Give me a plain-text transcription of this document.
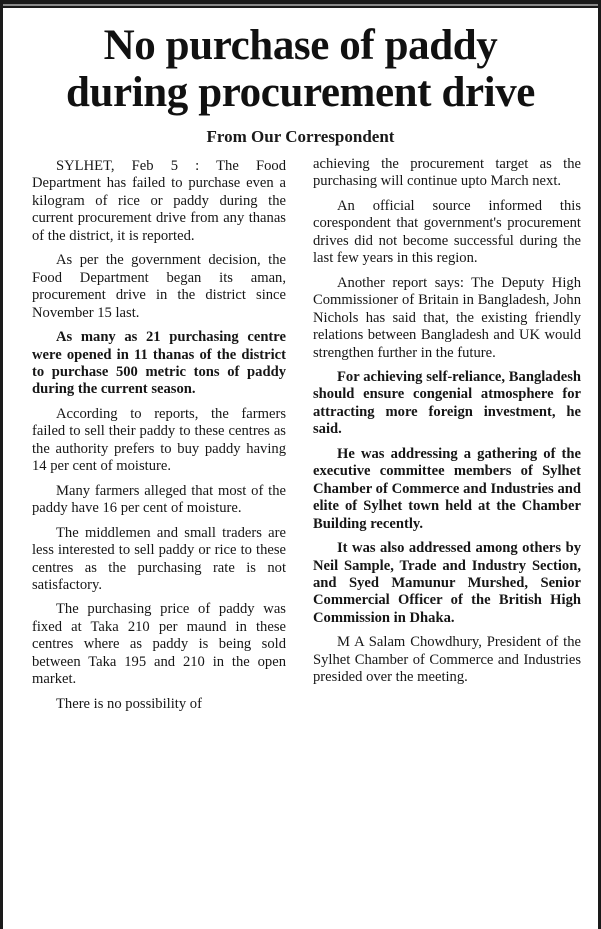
No purchase of paddy
during procurement drive
From Our Correspondent

SYLHET, Feb 5 : The Food Department has failed to purchase even a kilogram of rice or paddy during the current procurement drive from any thanas of the district, it is reported.

As per the government decision, the Food Department began its aman, procurement drive in the district since November 15 last.

As many as 21 purchasing centre were opened in 11 thanas of the district to purchase 500 metric tons of paddy during the current season.

According to reports, the farmers failed to sell their paddy to these centres as the authority prefers to buy paddy having 14 per cent of moisture.

Many farmers alleged that most of the paddy have 16 per cent of moisture.

The middlemen and small traders are less interested to sell paddy or rice to these centres as the purchasing rate is not satisfactory.

The purchasing price of paddy was fixed at Taka 210 per maund in these centres where as paddy is being sold between Taka 195 and 210 in the open market.

There is no possibility of

achieving the procurement target as the purchasing will continue upto March next.

An official source informed this corespondent that government's procurement drives did not become successful during the last few years in this region.

Another report says: The Deputy High Commissioner of Britain in Bangladesh, John Nichols has said that, the existing friendly relations between Bangladesh and UK would strengthen further in the future.

For achieving self-reliance, Bangladesh should ensure congenial atmosphere for attracting more foreign investment, he said.

He was addressing a gathering of the executive committee members of Sylhet Chamber of Commerce and Industries and elite of Sylhet town held at the Chamber Building recently.

It was also addressed among others by Neil Sample, Trade and Industry Section, and Syed Mamunur Murshed, Senior Commercial Officer of the British High Commission in Dhaka.

M A Salam Chowdhury, President of the Sylhet Chamber of Commerce and Industries presided over the meeting.
